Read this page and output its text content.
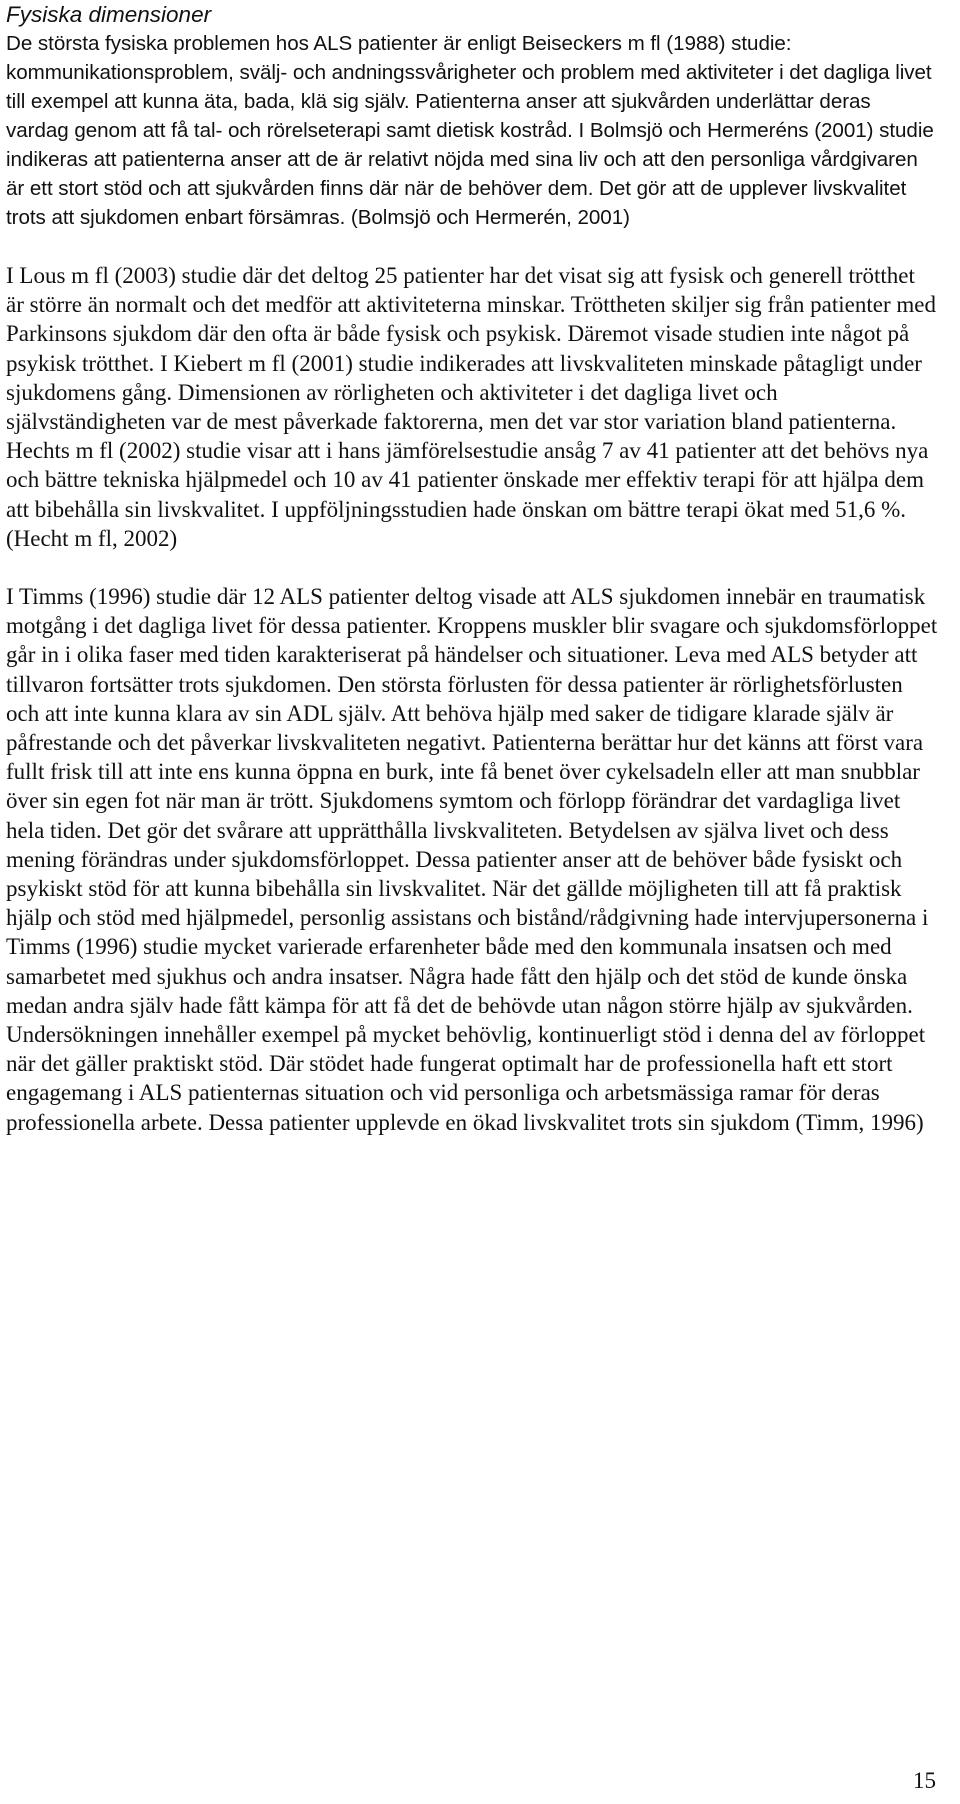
Fysiska dimensioner

De största fysiska problemen hos ALS patienter är enligt Beiseckers m fl (1988) studie: kommunikationsproblem, svälj- och andningssvårigheter och problem med aktiviteter i det dagliga livet till exempel att kunna äta, bada, klä sig själv. Patienterna anser att sjukvården underlättar deras vardag genom att få tal- och rörelseterapi samt dietisk kostråd. I Bolmsjö och Hermeréns (2001) studie indikeras att patienterna anser att de är relativt nöjda med sina liv och att den personliga vårdgivaren är ett stort stöd och att sjukvården finns där när de behöver dem. Det gör att de upplever livskvalitet trots att sjukdomen enbart försämras. (Bolmsjö och Hermerén, 2001)

I Lous m fl (2003) studie där det deltog 25 patienter har det visat sig att fysisk och generell trötthet är större än normalt och det medför att aktiviteterna minskar. Tröttheten skiljer sig från patienter med Parkinsons sjukdom där den ofta är både fysisk och psykisk. Däremot visade studien inte något på psykisk trötthet. I Kiebert m fl (2001) studie indikerades att livskvaliteten minskade påtagligt under sjukdomens gång. Dimensionen av rörligheten och aktiviteter i det dagliga livet och självständigheten var de mest påverkade faktorerna, men det var stor variation bland patienterna. Hechts m fl (2002) studie visar att i hans jämförelsestudie ansåg 7 av 41 patienter att det behövs nya och bättre tekniska hjälpmedel och 10 av 41 patienter önskade mer effektiv terapi för att hjälpa dem att bibehålla sin livskvalitet. I uppföljningsstudien hade önskan om bättre terapi ökat med 51,6 %. (Hecht m fl, 2002)

I Timms (1996) studie där 12 ALS patienter deltog visade att ALS sjukdomen innebär en traumatisk motgång i det dagliga livet för dessa patienter. Kroppens muskler blir svagare och sjukdomsförloppet går in i olika faser med tiden karakteriserat på händelser och situationer. Leva med ALS betyder att tillvaron fortsätter trots sjukdomen. Den största förlusten för dessa patienter är rörlighetsförlusten och att inte kunna klara av sin ADL själv. Att behöva hjälp med saker de tidigare klarade själv är påfrestande och det påverkar livskvaliteten negativt. Patienterna berättar hur det känns att först vara fullt frisk till att inte ens kunna öppna en burk, inte få benet över cykelsadeln eller att man snubblar över sin egen fot när man är trött. Sjukdomens symtom och förlopp förändrar det vardagliga livet hela tiden. Det gör det svårare att upprätthålla livskvaliteten. Betydelsen av själva livet och dess mening förändras under sjukdomsförloppet. Dessa patienter anser att de behöver både fysiskt och psykiskt stöd för att kunna bibehålla sin livskvalitet. När det gällde möjligheten till att få praktisk hjälp och stöd med hjälpmedel, personlig assistans och bistånd/rådgivning hade intervjupersonerna i Timms (1996) studie mycket varierade erfarenheter både med den kommunala insatsen och med samarbetet med sjukhus och andra insatser. Några hade fått den hjälp och det stöd de kunde önska medan andra själv hade fått kämpa för att få det de behövde utan någon större hjälp av sjukvården. Undersökningen innehåller exempel på mycket behövlig, kontinuerligt stöd i denna del av förloppet när det gäller praktiskt stöd. Där stödet hade fungerat optimalt har de professionella haft ett stort engagemang i ALS patienternas situation och vid personliga och arbetsmässiga ramar för deras professionella arbete. Dessa patienter upplevde en ökad livskvalitet trots sin sjukdom (Timm, 1996)

15
